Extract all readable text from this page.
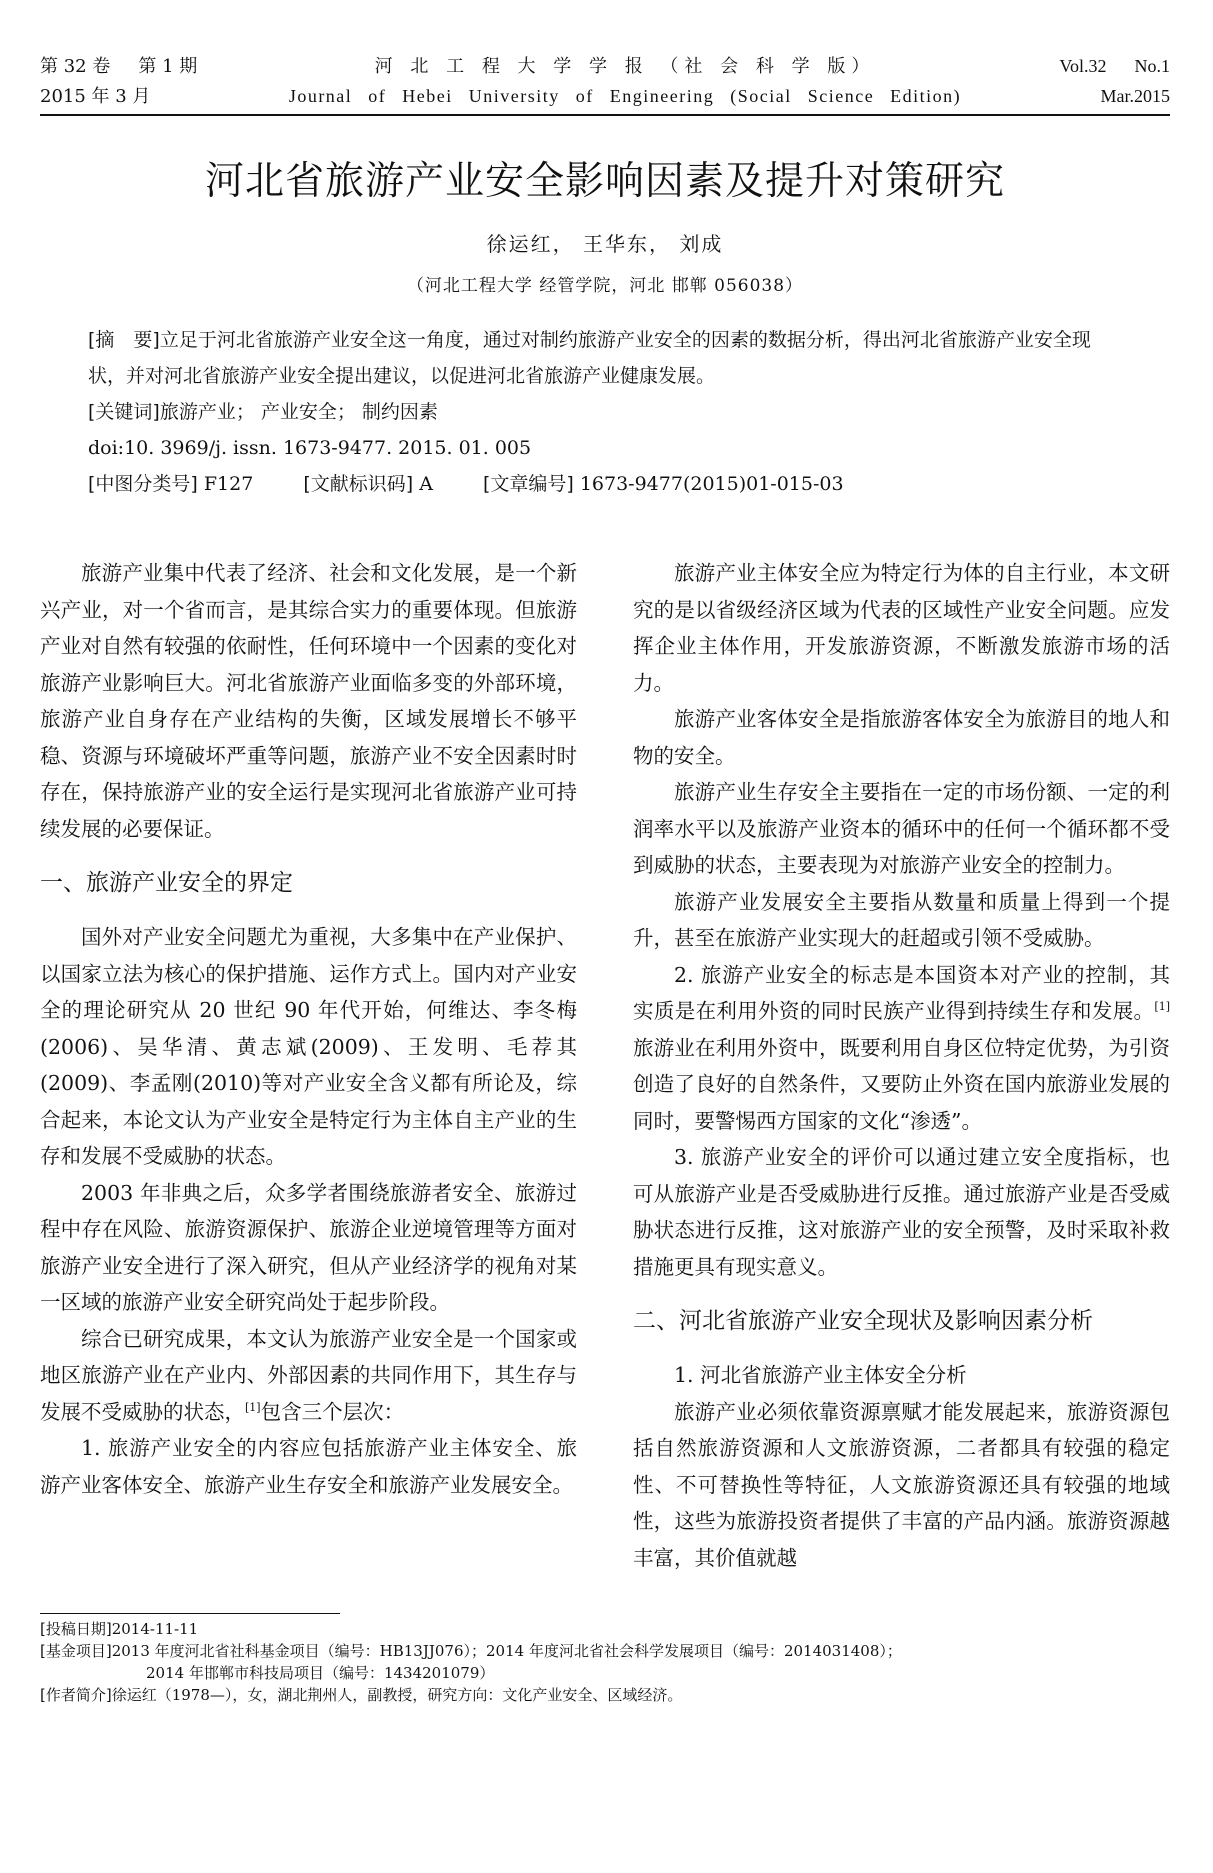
第 32 卷 第 1 期	河 北 工 程 大 学 学 报 （社 会 科 学 版）	Vol.32 No.1
2015 年 3 月	Journal of Hebei University of Engineering (Social Science Edition)	Mar.2015
河北省旅游产业安全影响因素及提升对策研究
徐运红， 王华东， 刘成
（河北工程大学 经管学院，河北 邯郸 056038）

[摘　要]立足于河北省旅游产业安全这一角度，通过对制约旅游产业安全的因素的数据分析，得出河北省旅游产业安全现状，并对河北省旅游产业安全提出建议，以促进河北省旅游产业健康发展。

[关键词]旅游产业； 产业安全； 制约因素

doi:10. 3969/j. issn. 1673-9477. 2015. 01. 005

[中图分类号] F127	[文献标识码] A	[文章编号] 1673-9477(2015)01-015-03

旅游产业集中代表了经济、社会和文化发展，是一个新兴产业，对一个省而言，是其综合实力的重要体现。但旅游产业对自然有较强的依耐性，任何环境中一个因素的变化对旅游产业影响巨大。河北省旅游产业面临多变的外部环境，旅游产业自身存在产业结构的失衡，区域发展增长不够平稳、资源与环境破坏严重等问题，旅游产业不安全因素时时存在，保持旅游产业的安全运行是实现河北省旅游产业可持续发展的必要保证。

一、旅游产业安全的界定

国外对产业安全问题尤为重视，大多集中在产业保护、以国家立法为核心的保护措施、运作方式上。国内对产业安全的理论研究从 20 世纪 90 年代开始，何维达、李冬梅(2006)、吴华清、黄志斌(2009)、王发明、毛荐其(2009)、李孟刚(2010)等对产业安全含义都有所论及，综合起来，本论文认为产业安全是特定行为主体自主产业的生存和发展不受威胁的状态。

2003 年非典之后，众多学者围绕旅游者安全、旅游过程中存在风险、旅游资源保护、旅游企业逆境管理等方面对旅游产业安全进行了深入研究，但从产业经济学的视角对某一区域的旅游产业安全研究尚处于起步阶段。

综合已研究成果，本文认为旅游产业安全是一个国家或地区旅游产业在产业内、外部因素的共同作用下，其生存与发展不受威胁的状态，[1]包含三个层次：

1. 旅游产业安全的内容应包括旅游产业主体安全、旅游产业客体安全、旅游产业生存安全和旅游产业发展安全。

旅游产业主体安全应为特定行为体的自主行业，本文研究的是以省级经济区域为代表的区域性产业安全问题。应发挥企业主体作用，开发旅游资源，不断激发旅游市场的活力。

旅游产业客体安全是指旅游客体安全为旅游目的地人和物的安全。

旅游产业生存安全主要指在一定的市场份额、一定的利润率水平以及旅游产业资本的循环中的任何一个循环都不受到威胁的状态，主要表现为对旅游产业安全的控制力。

旅游产业发展安全主要指从数量和质量上得到一个提升，甚至在旅游产业实现大的赶超或引领不受威胁。

2. 旅游产业安全的标志是本国资本对产业的控制，其实质是在利用外资的同时民族产业得到持续生存和发展。[1]旅游业在利用外资中，既要利用自身区位特定优势，为引资创造了良好的自然条件，又要防止外资在国内旅游业发展的同时，要警惕西方国家的文化“渗透”。

3. 旅游产业安全的评价可以通过建立安全度指标，也可从旅游产业是否受威胁进行反推。通过旅游产业是否受威胁状态进行反推，这对旅游产业的安全预警，及时采取补救措施更具有现实意义。

二、河北省旅游产业安全现状及影响因素分析

1. 河北省旅游产业主体安全分析

旅游产业必须依靠资源禀赋才能发展起来，旅游资源包括自然旅游资源和人文旅游资源，二者都具有较强的稳定性、不可替换性等特征，人文旅游资源还具有较强的地域性，这些为旅游投资者提供了丰富的产品内涵。旅游资源越丰富，其价值就越

[投稿日期] 2014-11-11
[基金项目] 2013 年度河北省社科基金项目（编号：HB13JJ076）；2014 年度河北省社会科学发展项目（编号：2014031408）；
2014 年邯郸市科技局项目（编号：1434201079）
[作者简介] 徐运红（1978—），女，湖北荆州人，副教授，研究方向：文化产业安全、区域经济。
